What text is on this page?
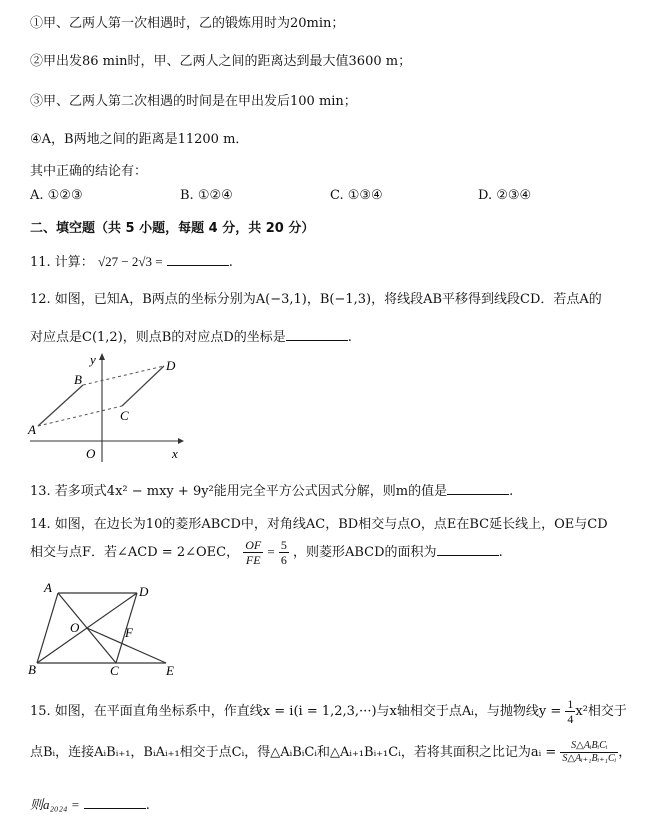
①甲、乙两人第一次相遇时，乙的锻炼用时为20min；
②甲出发86 min时，甲、乙两人之间的距离达到最大值3600 m；
③甲、乙两人第二次相遇的时间是在甲出发后100 min；
④A，B两地之间的距离是11200 m．
其中正确的结论有：
A. ①②③	B. ①②④	C. ①③④	D. ②③④
二、填空题（共 5 小题，每题 4 分，共 20 分）
11. 计算： √27 − 2√3 =	.
12. 如图，已知A，B两点的坐标分别为A(−3,1)，B(−1,3)，将线段AB平移得到线段CD．若点A的
对应点是C(1,2)，则点B的对应点D的坐标是	.
y
x
O
A
B
C
D
13. 若多项式4x² − mxy + 9y²能用完全平方公式因式分解，则m的值是	.
14. 如图，在边长为10的菱形ABCD中，对角线AC，BD相交与点O，点E在BC延长线上，OE与CD
相交与点F．若∠ACD = 2∠OEC， $\frac{OF}{FE} = \frac{5}{6}$ ，则菱形ABCD的面积为	.
A	D
O	F
B	C	E
15. 如图，在平面直角坐标系中，作直线x = i(i = 1,2,3,···)与x轴相交于点Aᵢ，与抛物线$y = \frac{1}{4} x^2$相交于
点Bᵢ，连接AᵢBᵢ₊₁，BᵢAᵢ₊₁相交于点Cᵢ，得△AᵢBᵢCᵢ和△Aᵢ₊₁Bᵢ₊₁Cᵢ，若将其面积之比记为aᵢ = $\frac{\text{S△AᵢBᵢCᵢ}}{\text{S△Aᵢ₊₁Bᵢ₊₁Cᵢ}}$ ，
则a₂₀₂₄ =	.
